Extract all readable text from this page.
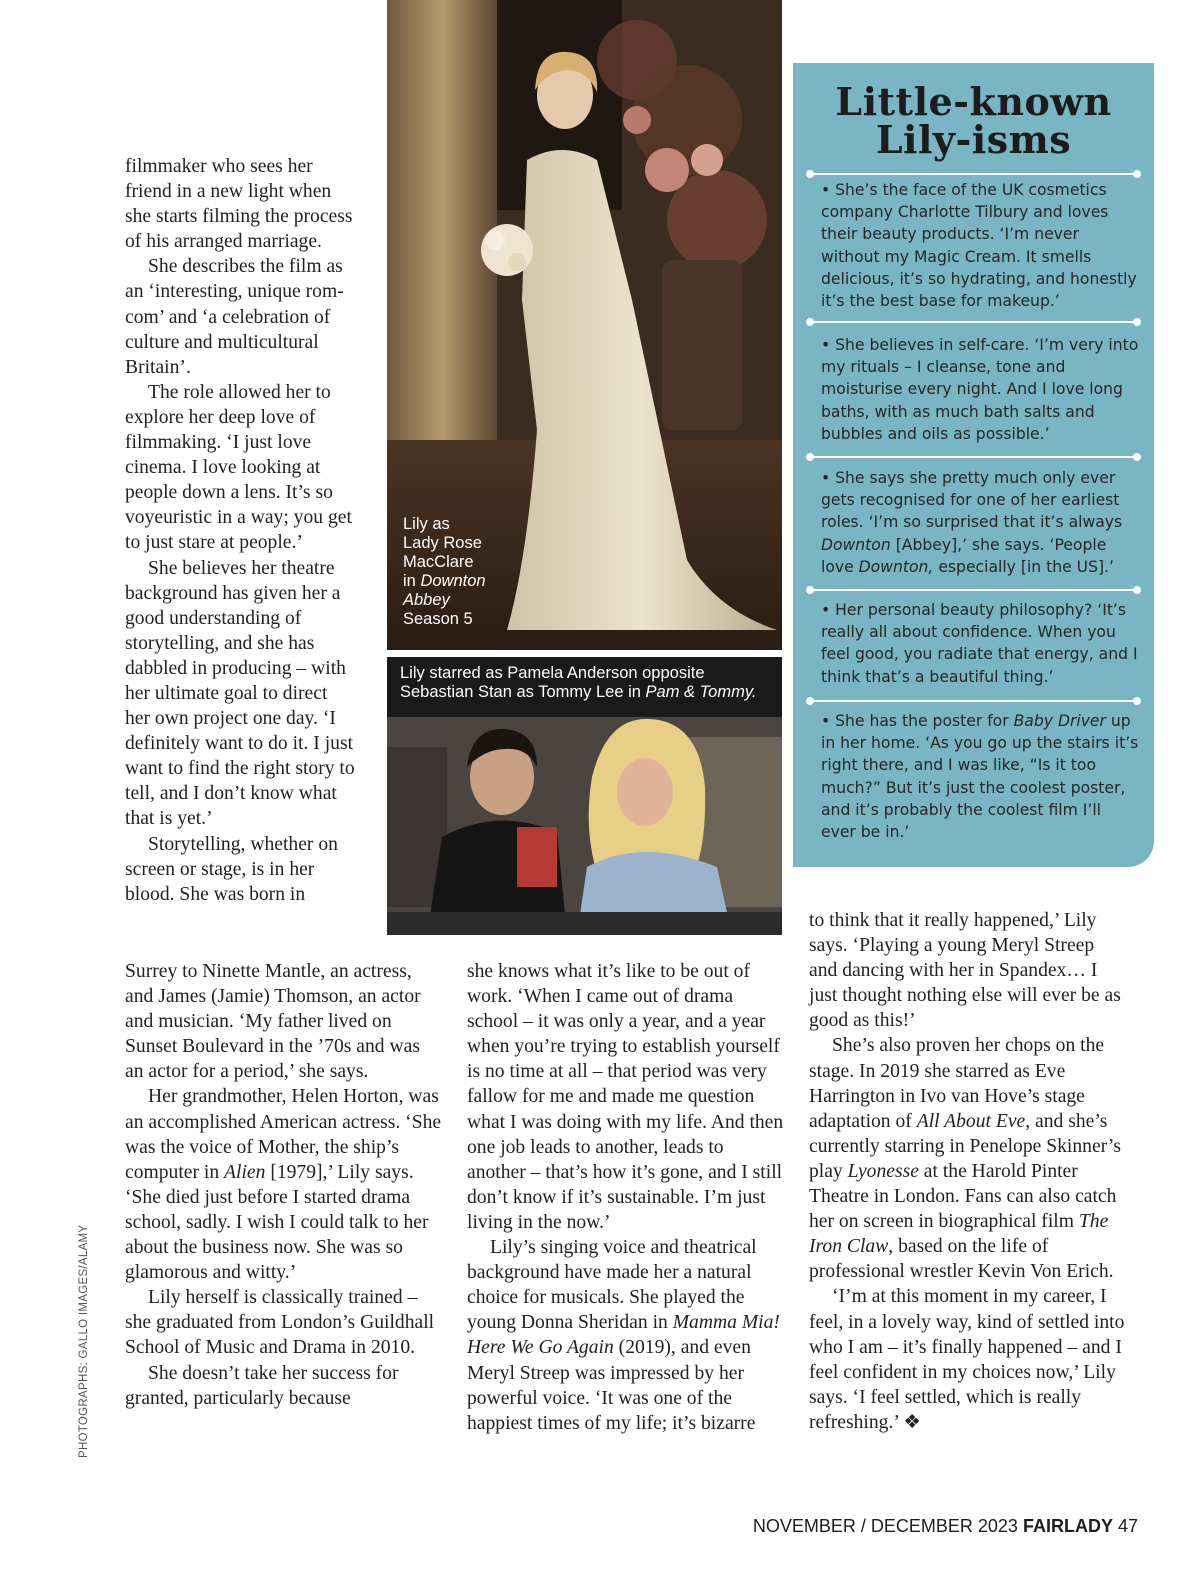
filmmaker who sees her friend in a new light when she starts filming the process of his arranged marriage.

She describes the film as an ‘interesting, unique rom-com’ and ‘a celebration of culture and multicultural Britain’.

The role allowed her to explore her deep love of filmmaking. ‘I just love cinema. I love looking at people down a lens. It’s so voyeuristic in a way; you get to just stare at people.’

She believes her theatre background has given her a good understanding of storytelling, and she has dabbled in producing – with her ultimate goal to direct her own project one day. ‘I definitely want to do it. I just want to find the right story to tell, and I don’t know what that is yet.’

Storytelling, whether on screen or stage, is in her blood. She was born in

Surrey to Ninette Mantle, an actress, and James (Jamie) Thomson, an actor and musician. ‘My father lived on Sunset Boulevard in the ’70s and was an actor for a period,’ she says.

Her grandmother, Helen Horton, was an accomplished American actress. ‘She was the voice of Mother, the ship’s computer in Alien [1979],’ Lily says. ‘She died just before I started drama school, sadly. I wish I could talk to her about the business now. She was so glamorous and witty.’

Lily herself is classically trained – she graduated from London’s Guildhall School of Music and Drama in 2010.

She doesn’t take her success for granted, particularly because

she knows what it’s like to be out of work. ‘When I came out of drama school – it was only a year, and a year when you’re trying to establish yourself is no time at all – that period was very fallow for me and made me question what I was doing with my life. And then one job leads to another, leads to another – that’s how it’s gone, and I still don’t know if it’s sustainable. I’m just living in the now.’

Lily’s singing voice and theatrical background have made her a natural choice for musicals. She played the young Donna Sheridan in Mamma Mia! Here We Go Again (2019), and even Meryl Streep was impressed by her powerful voice. ‘It was one of the happiest times of my life; it’s bizarre

to think that it really happened,’ Lily says. ‘Playing a young Meryl Streep and dancing with her in Spandex… I just thought nothing else will ever be as good as this!’

She’s also proven her chops on the stage. In 2019 she starred as Eve Harrington in Ivo van Hove’s stage adaptation of All About Eve, and she’s currently starring in Penelope Skinner’s play Lyonesse at the Harold Pinter Theatre in London. Fans can also catch her on screen in biographical film The Iron Claw, based on the life of professional wrestler Kevin Von Erich.

‘I’m at this moment in my career, I feel, in a lovely way, kind of settled into who I am – it’s finally happened – and I feel confident in my choices now,’ Lily says. ‘I feel settled, which is really refreshing.’ ❖

Lily as
Lady Rose
MacClare
in Downton
Abbey
Season 5
Lily starred as Pamela Anderson opposite Sebastian Stan as Tommy Lee in Pam & Tommy.
Little-known
Lily-isms
• She’s the face of the UK cosmetics company Charlotte Tilbury and loves their beauty products. ‘I’m never without my Magic Cream. It smells delicious, it’s so hydrating, and honestly it’s the best base for makeup.’
• She believes in self-care. ‘I’m very into my rituals – I cleanse, tone and moisturise every night. And I love long baths, with as much bath salts and bubbles and oils as possible.’
• She says she pretty much only ever gets recognised for one of her earliest roles. ‘I’m so surprised that it’s always Downton [Abbey],’ she says. ‘People love Downton, especially [in the US].’
• Her personal beauty philosophy? ‘It’s really all about confidence. When you feel good, you radiate that energy, and I think that’s a beautiful thing.’
• She has the poster for Baby Driver up in her home. ‘As you go up the stairs it’s right there, and I was like, “Is it too much?” But it’s just the coolest poster, and it’s probably the coolest film I’ll ever be in.’
PHOTOGRAPHS: GALLO IMAGES/ALAMY
NOVEMBER / DECEMBER 2023 FAIRLADY 47
